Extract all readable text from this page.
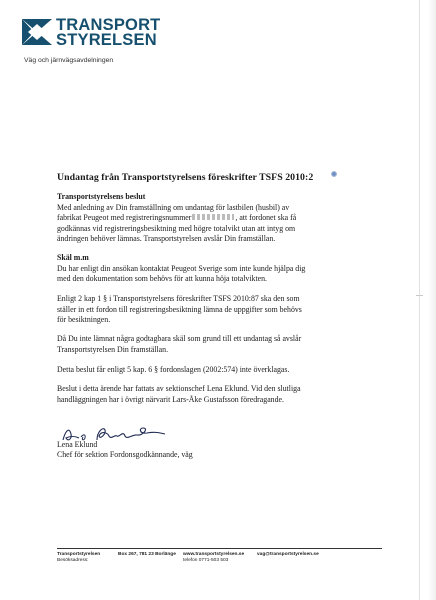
TRANSPORT
STYRELSEN
Väg och järnvägsavdelningen
Undantag från Transportstyrelsens föreskrifter TSFS 2010:2
Transportstyrelsens beslut
Med anledning av Din framställning om undantag för lastbilen (husbil) av
fabrikat Peugeot med registreringsnummer	, att fordonet ska få
godkännas vid registreringsbesiktning med högre totalvikt utan att intyg om
ändringen behöver lämnas. Transportstyrelsen avslår Din framställan.
Skäl m.m
Du har enligt din ansökan kontaktat Peugeot Sverige som inte kunde hjälpa dig
med den dokumentation som behövs för att kunna höja totalvikten.
Enligt 2 kap 1 § i Transportstyrelsens föreskrifter TSFS 2010:87 ska den som
ställer in ett fordon till registreringsbesiktning lämna de uppgifter som behövs
för besiktningen.
Då Du inte lämnat några godtagbara skäl som grund till ett undantag så avslår
Transportstyrelsen Din framställan.
Detta beslut får enligt 5 kap. 6 § fordonslagen (2002:574) inte överklagas.
Beslut i detta ärende har fattats av sektionschef Lena Eklund. Vid den slutliga
handläggningen har i övrigt närvarit Lars-Åke Gustafsson föredragande.
Lena Eklund
Chef för sektion Fordonsgodkännande, väg
Transportstyrelsen
Besöksadress:
Box 267, 781 23 Borlänge www.transportstyrelsen.se
telefon 0771-503 503
vag@transportstyrelsen.se
